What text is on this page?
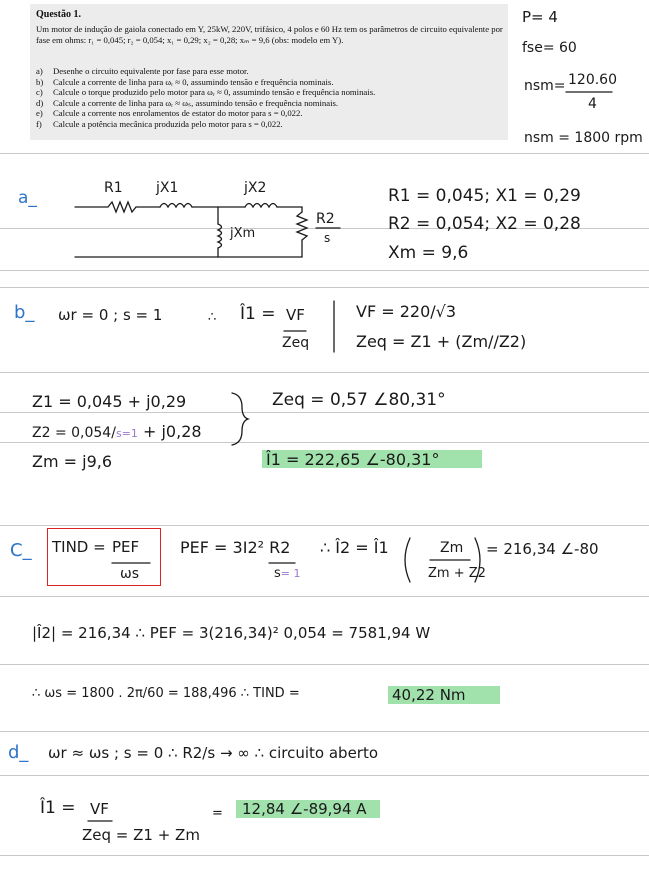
Questão 1.
Um motor de indução de gaiola conectado em Y, 25kW, 220V, trifásico, 4 polos e 60 Hz tem os parâmetros de circuito equivalente por fase em ohms: r₁ = 0,045; r₂ = 0,054; x₁ = 0,29; x₂ = 0,28; xₘ = 9,6 (obs: modelo em Y).
a)	Desenhe o circuito equivalente por fase para esse motor.
b)	Calcule a corrente de linha para ωᵣ ≈ 0, assumindo tensão e frequência nominais.
c)	Calcule o torque produzido pelo motor para ωᵣ ≈ 0, assumindo tensão e frequência nominais.
d)	Calcule a corrente de linha para ωᵣ ≈ ωₛ, assumindo tensão e frequência nominais.
e)	Calcule a corrente nos enrolamentos de estator do motor para s = 0,022.
f)	Calcule a potência mecânica produzida pelo motor para s = 0,022.
P= 4
fse= 60
nsm= 120.60
4
nsm = 1800 rpm
a_	R1 jX1	jX2
jXm
R2
s
R1 = 0,045; X1 = 0,29
R2 = 0,054; X2 = 0,28
Xm = 9,6
b_ ωr = 0 ; s = 1	∴ Î1 = VF
Zeq
VF = 220/√3
Zeq = Z1 + (Zm//Z2)
Z1 = 0,045 + j0,29
Z2 = 0,054/s=1 + j0,28
Zm = j9,6
Zeq = 0,57 ∠80,31°
Î1 = 222,65 ∠-80,31°
C_ TIND = PEF
ωs
PEF = 3I2² R2
s= 1
∴ Î2 = Î1	Zm
Zm + Z2
= 216,34 ∠-80
|Î2| = 216,34 ∴ PEF = 3(216,34)² 0,054 = 7581,94 W
∴ ωs = 1800 . 2π/60 = 188,496 ∴ TIND =	40,22 Nm
d_ ωr ≈ ωs ; s = 0 ∴ R2/s → ∞ ∴ circuito aberto
Î1 = VF
Zeq = Z1 + Zm
= 12,84 ∠-89,94 A
